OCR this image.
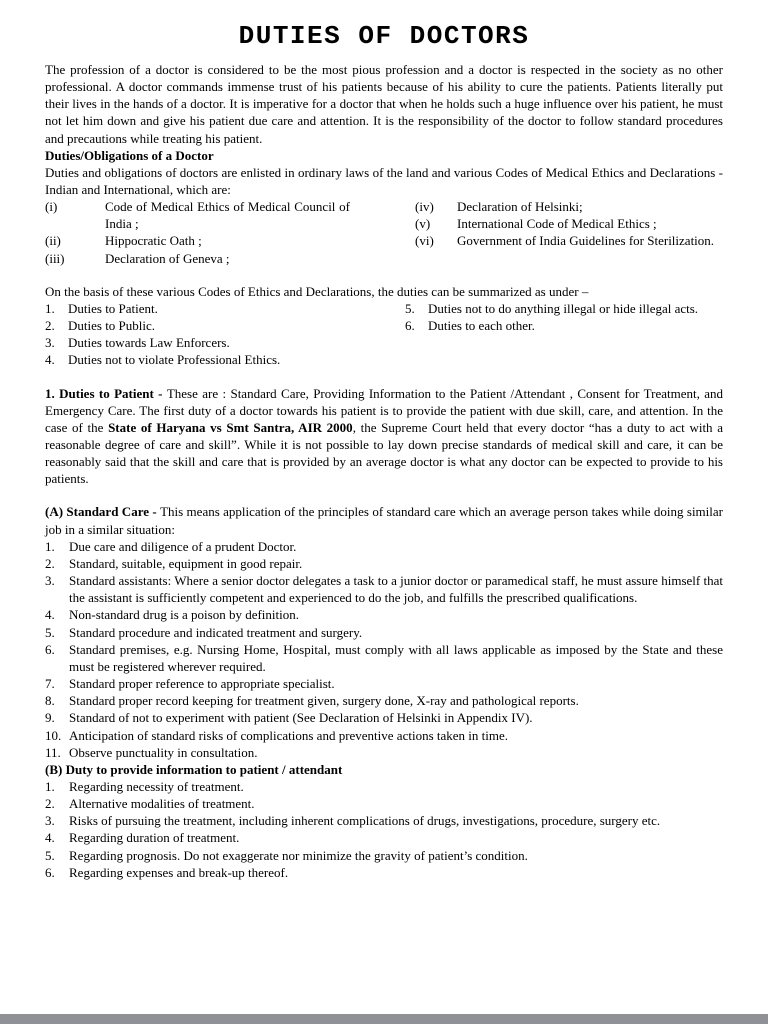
DUTIES OF DOCTORS

The profession of a doctor is considered to be the most pious profession and a doctor is respected in the society as no other professional. A doctor commands immense trust of his patients because of his ability to cure the patients. Patients literally put their lives in the hands of a doctor. It is imperative for a doctor that when he holds such a huge influence over his patient, he must not let him down and give his patient due care and attention. It is the responsibility of the doctor to follow standard procedures and precautions while treating his patient.

Duties/Obligations of a Doctor

Duties and obligations of doctors are enlisted in ordinary laws of the land and various Codes of Medical Ethics and Declarations - Indian and International, which are:

(i)	Code of Medical Ethics of Medical Council of India ;
(ii)	Hippocratic Oath ;
(iii)	Declaration of Geneva ;
(iv)	Declaration of Helsinki;
(v)	International Code of Medical Ethics ;
(vi)	Government of India Guidelines for Sterilization.

On the basis of these various Codes of Ethics and Declarations, the duties can be summarized as under –

1.	Duties to Patient.
2.	Duties to Public.
3.	Duties towards Law Enforcers.
4.	Duties not to violate Professional Ethics.
5.	Duties not to do anything illegal or hide illegal acts.
6.	Duties to each other.

1. Duties to Patient - These are : Standard Care, Providing Information to the Patient /Attendant , Consent for Treatment, and Emergency Care. The first duty of a doctor towards his patient is to provide the patient with due skill, care, and attention. In the case of the State of Haryana vs Smt Santra, AIR 2000, the Supreme Court held that every doctor “has a duty to act with a reasonable degree of care and skill”. While it is not possible to lay down precise standards of medical skill and care, it can be reasonably said that the skill and care that is provided by an average doctor is what any doctor can be expected to provide to his patients.

(A) Standard Care - This means application of the principles of standard care which an average person takes while doing similar job in a similar situation:

1.	Due care and diligence of a prudent Doctor.
2.	Standard, suitable, equipment in good repair.
3.	Standard assistants: Where a senior doctor delegates a task to a junior doctor or paramedical staff, he must assure himself that the assistant is sufficiently competent and experienced to do the job, and fulfills the prescribed qualifications.
4.	Non-standard drug is a poison by definition.
5.	Standard procedure and indicated treatment and surgery.
6.	Standard premises, e.g. Nursing Home, Hospital, must comply with all laws applicable as imposed by the State and these must be registered wherever required.
7.	Standard proper reference to appropriate specialist.
8.	Standard proper record keeping for treatment given, surgery done, X-ray and pathological reports.
9.	Standard of not to experiment with patient (See Declaration of Helsinki in Appendix IV).
10. Anticipation of standard risks of complications and preventive actions taken in time.
11. Observe punctuality in consultation.
(B) Duty to provide information to patient / attendant
1.	Regarding necessity of treatment.
2.	Alternative modalities of treatment.
3.	Risks of pursuing the treatment, including inherent complications of drugs, investigations, procedure, surgery etc.
4.	Regarding duration of treatment.
5.	Regarding prognosis. Do not exaggerate nor minimize the gravity of patient’s condition.
6.	Regarding expenses and break-up thereof.
